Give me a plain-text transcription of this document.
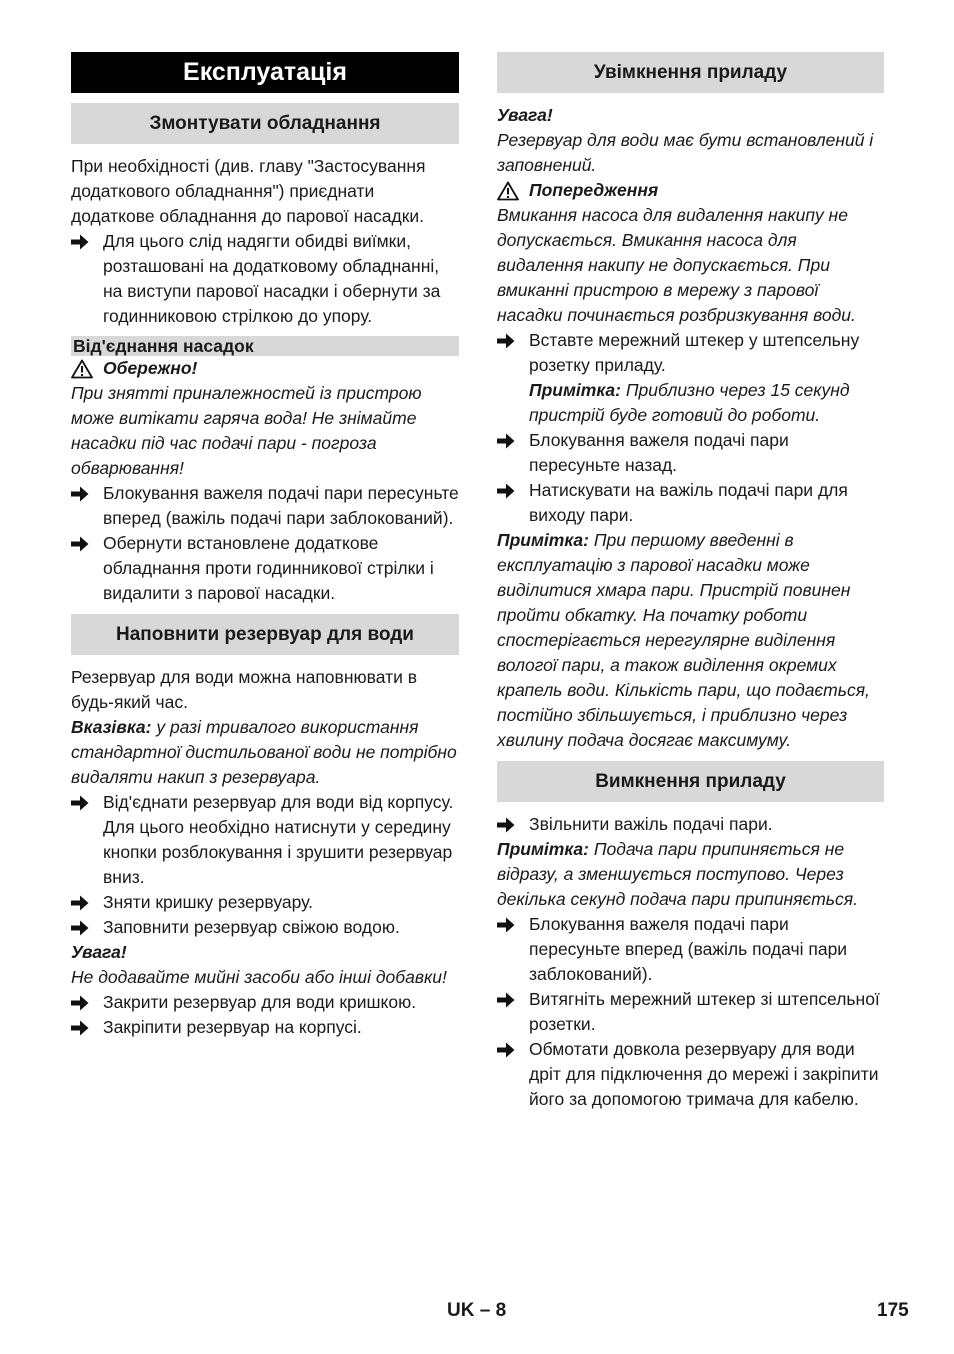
Експлуатація
Змонтувати обладнання

При необхідності (див. главу "Застосування додаткового обладнання") приєднати додаткове обладнання до парової насадки.

Для цього слід надягти обидві виїмки, розташовані на додатковому обладнанні, на виступи парової насадки і обернути за годинниковою стрілкою до упору.
Від'єднання насадок
Обережно!

При знятті приналежностей із пристрою може витікати гаряча вода! Не знімайте насадки під час подачі пари - погроза обварювання!

Блокування важеля подачі пари пересуньте вперед (важіль подачі пари заблокований).
Обернути встановлене додаткове обладнання проти годинникової стрілки і видалити з парової насадки.
Наповнити резервуар для води

Резервуар для води можна наповнювати в будь-який час.

Вказівка: у разі тривалого використання стандартної дистильованої води не потрібно видаляти накип з резервуара.

Від'єднати резервуар для води від корпусу. Для цього необхідно натиснути у середину кнопки розблокування і зрушити резервуар вниз.
Зняти кришку резервуару.
Заповнити резервуар свіжою водою.

Увага!

Не додавайте мийні засоби або інші добавки!

Закрити резервуар для води кришкою.
Закріпити резервуар на корпусі.
Увімкнення приладу

Увага!

Резервуар для води має бути встановлений і заповнений.

Попередження

Вмикання насоса для видалення накипу не допускається. Вмикання насоса для видалення накипу не допускається. При вмиканні пристрою в мережу з парової насадки починається розбризкування води.

Вставте мережний штекер у штепсельну розетку приладу.
Примітка: Приблизно через 15 секунд пристрій буде готовий до роботи.
Блокування важеля подачі пари пересуньте назад.
Натискувати на важіль подачі пари для виходу пари.

Примітка: При першому введенні в експлуатацію з парової насадки може виділитися хмара пари. Пристрій повинен пройти обкатку. На початку роботи спостерігається нерегулярне виділення вологої пари, а також виділення окремих крапель води. Кількість пари, що подається, постійно збільшується, і приблизно через хвилину подача досягає максимуму.

Вимкнення приладу
Звільнити важіль подачі пари.

Примітка: Подача пари припиняється не відразу, а зменшується поступово. Через декілька секунд подача пари припиняється.

Блокування важеля подачі пари пересуньте вперед (важіль подачі пари заблокований).
Витягніть мережний штекер зі штепсельної розетки.
Обмотати довкола резервуару для води дріт для підключення до мережі і закріпити його за допомогою тримача для кабелю.
UK – 8	175
